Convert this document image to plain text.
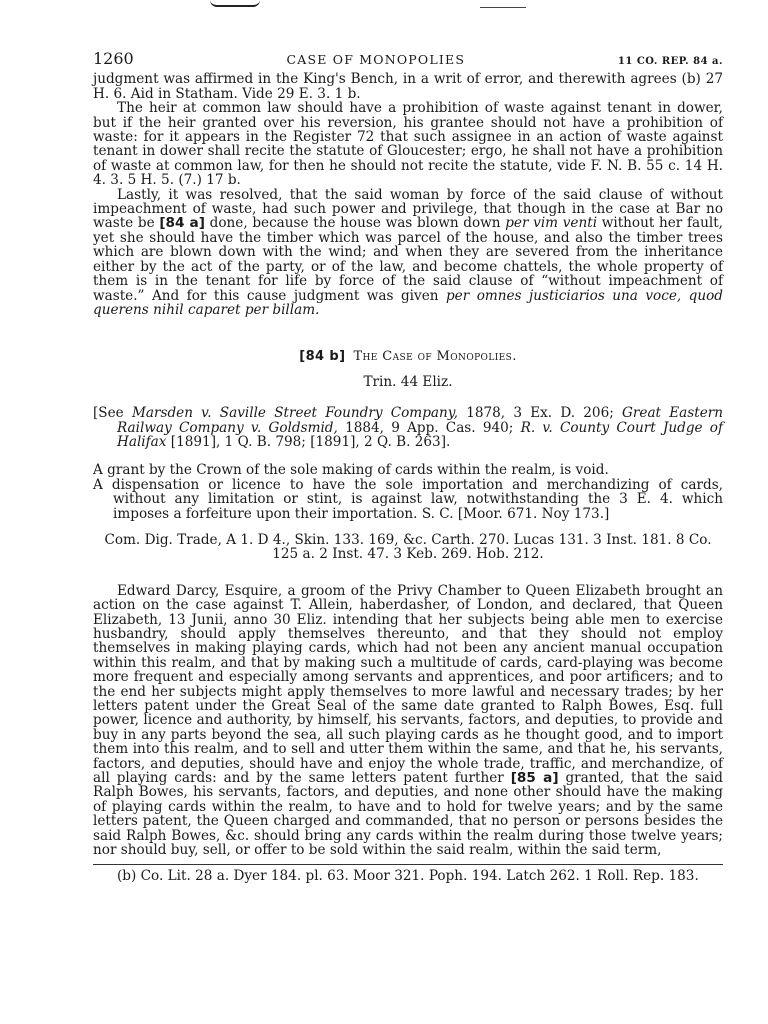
1260	CASE OF MONOPOLIES	11 CO. REP. 84 a.

judgment was affirmed in the King's Bench, in a writ of error, and therewith agrees (b) 27 H. 6. Aid in Statham. Vide 29 E. 3. 1 b.

The heir at common law should have a prohibition of waste against tenant in dower, but if the heir granted over his reversion, his grantee should not have a prohibition of waste: for it appears in the Register 72 that such assignee in an action of waste against tenant in dower shall recite the statute of Gloucester; ergo, he shall not have a prohibition of waste at common law, for then he should not recite the statute, vide F. N. B. 55 c. 14 H. 4. 3. 5 H. 5. (7.) 17 b.

Lastly, it was resolved, that the said woman by force of the said clause of without impeachment of waste, had such power and privilege, that though in the case at Bar no waste be [84 a] done, because the house was blown down per vim venti without her fault, yet she should have the timber which was parcel of the house, and also the timber trees which are blown down with the wind; and when they are severed from the inheritance either by the act of the party, or of the law, and become chattels, the whole property of them is in the tenant for life by force of the said clause of “without impeachment of waste.” And for this cause judgment was given per omnes justiciarios una voce, quod querens nihil caparet per billam.

[84 b] The Case of Monopolies.
Trin. 44 Eliz.

[See Marsden v. Saville Street Foundry Company, 1878, 3 Ex. D. 206; Great Eastern Railway Company v. Goldsmid, 1884, 9 App. Cas. 940; R. v. County Court Judge of Halifax [1891], 1 Q. B. 798; [1891], 2 Q. B. 263].

A grant by the Crown of the sole making of cards within the realm, is void.

A dispensation or licence to have the sole importation and merchandizing of cards, without any limitation or stint, is against law, notwithstanding the 3 E. 4. which imposes a forfeiture upon their importation. S. C. [Moor. 671. Noy 173.]

Com. Dig. Trade, A 1. D 4., Skin. 133. 169, &c. Carth. 270. Lucas 131. 3 Inst. 181. 8 Co. 125 a. 2 Inst. 47. 3 Keb. 269. Hob. 212.

Edward Darcy, Esquire, a groom of the Privy Chamber to Queen Elizabeth brought an action on the case against T. Allein, haberdasher, of London, and declared, that Queen Elizabeth, 13 Junii, anno 30 Eliz. intending that her subjects being able men to exercise husbandry, should apply themselves thereunto, and that they should not employ themselves in making playing cards, which had not been any ancient manual occupation within this realm, and that by making such a multitude of cards, card-playing was become more frequent and especially among servants and apprentices, and poor artificers; and to the end her subjects might apply themselves to more lawful and necessary trades; by her letters patent under the Great Seal of the same date granted to Ralph Bowes, Esq. full power, licence and authority, by himself, his servants, factors, and deputies, to provide and buy in any parts beyond the sea, all such playing cards as he thought good, and to import them into this realm, and to sell and utter them within the same, and that he, his servants, factors, and deputies, should have and enjoy the whole trade, traffic, and merchandize, of all playing cards: and by the same letters patent further [85 a] granted, that the said Ralph Bowes, his servants, factors, and deputies, and none other should have the making of playing cards within the realm, to have and to hold for twelve years; and by the same letters patent, the Queen charged and commanded, that no person or persons besides the said Ralph Bowes, &c. should bring any cards within the realm during those twelve years; nor should buy, sell, or offer to be sold within the said realm, within the said term,

(b) Co. Lit. 28 a. Dyer 184. pl. 63. Moor 321. Poph. 194. Latch 262. 1 Roll. Rep. 183.
